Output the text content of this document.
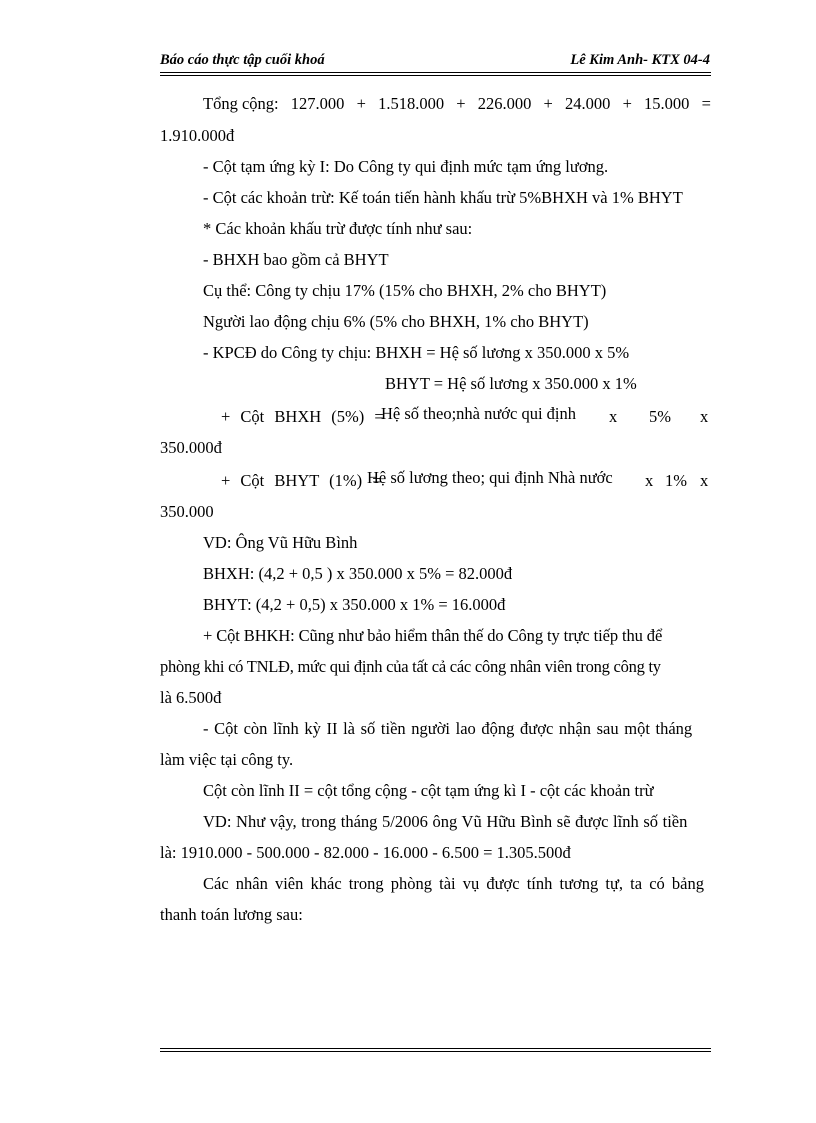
Báo cáo thực tập cuối khoá	Lê Kim Anh- KTX 04-4
Tổng cộng: 127.000 + 1.518.000 + 226.000 + 24.000 + 15.000 =
1.910.000đ
- Cột tạm ứng kỳ I: Do Công ty qui định mức tạm ứng lương.
- Cột các khoản trừ: Kế toán tiến hành khấu trừ 5%BHXH và 1% BHYT
* Các khoản khấu trừ được tính như sau:
- BHXH bao gồm cả BHYT
Cụ thể: Công ty chịu 17% (15% cho BHXH, 2% cho BHYT)
Người lao động chịu 6% (5% cho BHXH, 1% cho BHYT)
- KPCĐ do Công ty chịu: BHXH = Hệ số lương x 350.000 x 5%
BHYT = Hệ số lương x 350.000 x 1%
+ Cột BHXH (5%) =
Hệ số theo;nhà nước qui định x 5% x
350.000đ
+ Cột BHYT (1%) =
Hệ số lương theo; qui định Nhà nước x 1% x
350.000
VD: Ông Vũ Hữu Bình
BHXH: (4,2 + 0,5 ) x 350.000 x 5% = 82.000đ
BHYT: (4,2 + 0,5) x 350.000 x 1% = 16.000đ
+ Cột BHKH: Cũng như bảo hiểm thân thế do Công ty trực tiếp thu để
phòng khi có TNLĐ, mức qui định của tất cả các công nhân viên trong công ty
là 6.500đ
- Cột còn lĩnh kỳ II là số tiền người lao động được nhận sau một tháng
làm việc tại công ty.
Cột còn lĩnh II = cột tổng cộng - cột tạm ứng kì I - cột các khoản trừ
VD: Như vậy, trong tháng 5/2006 ông Vũ Hữu Bình sẽ được lĩnh số tiền
là: 1910.000 - 500.000 - 82.000 - 16.000 - 6.500 = 1.305.500đ
Các nhân viên khác trong phòng tài vụ được tính tương tự, ta có bảng
thanh toán lương sau:
